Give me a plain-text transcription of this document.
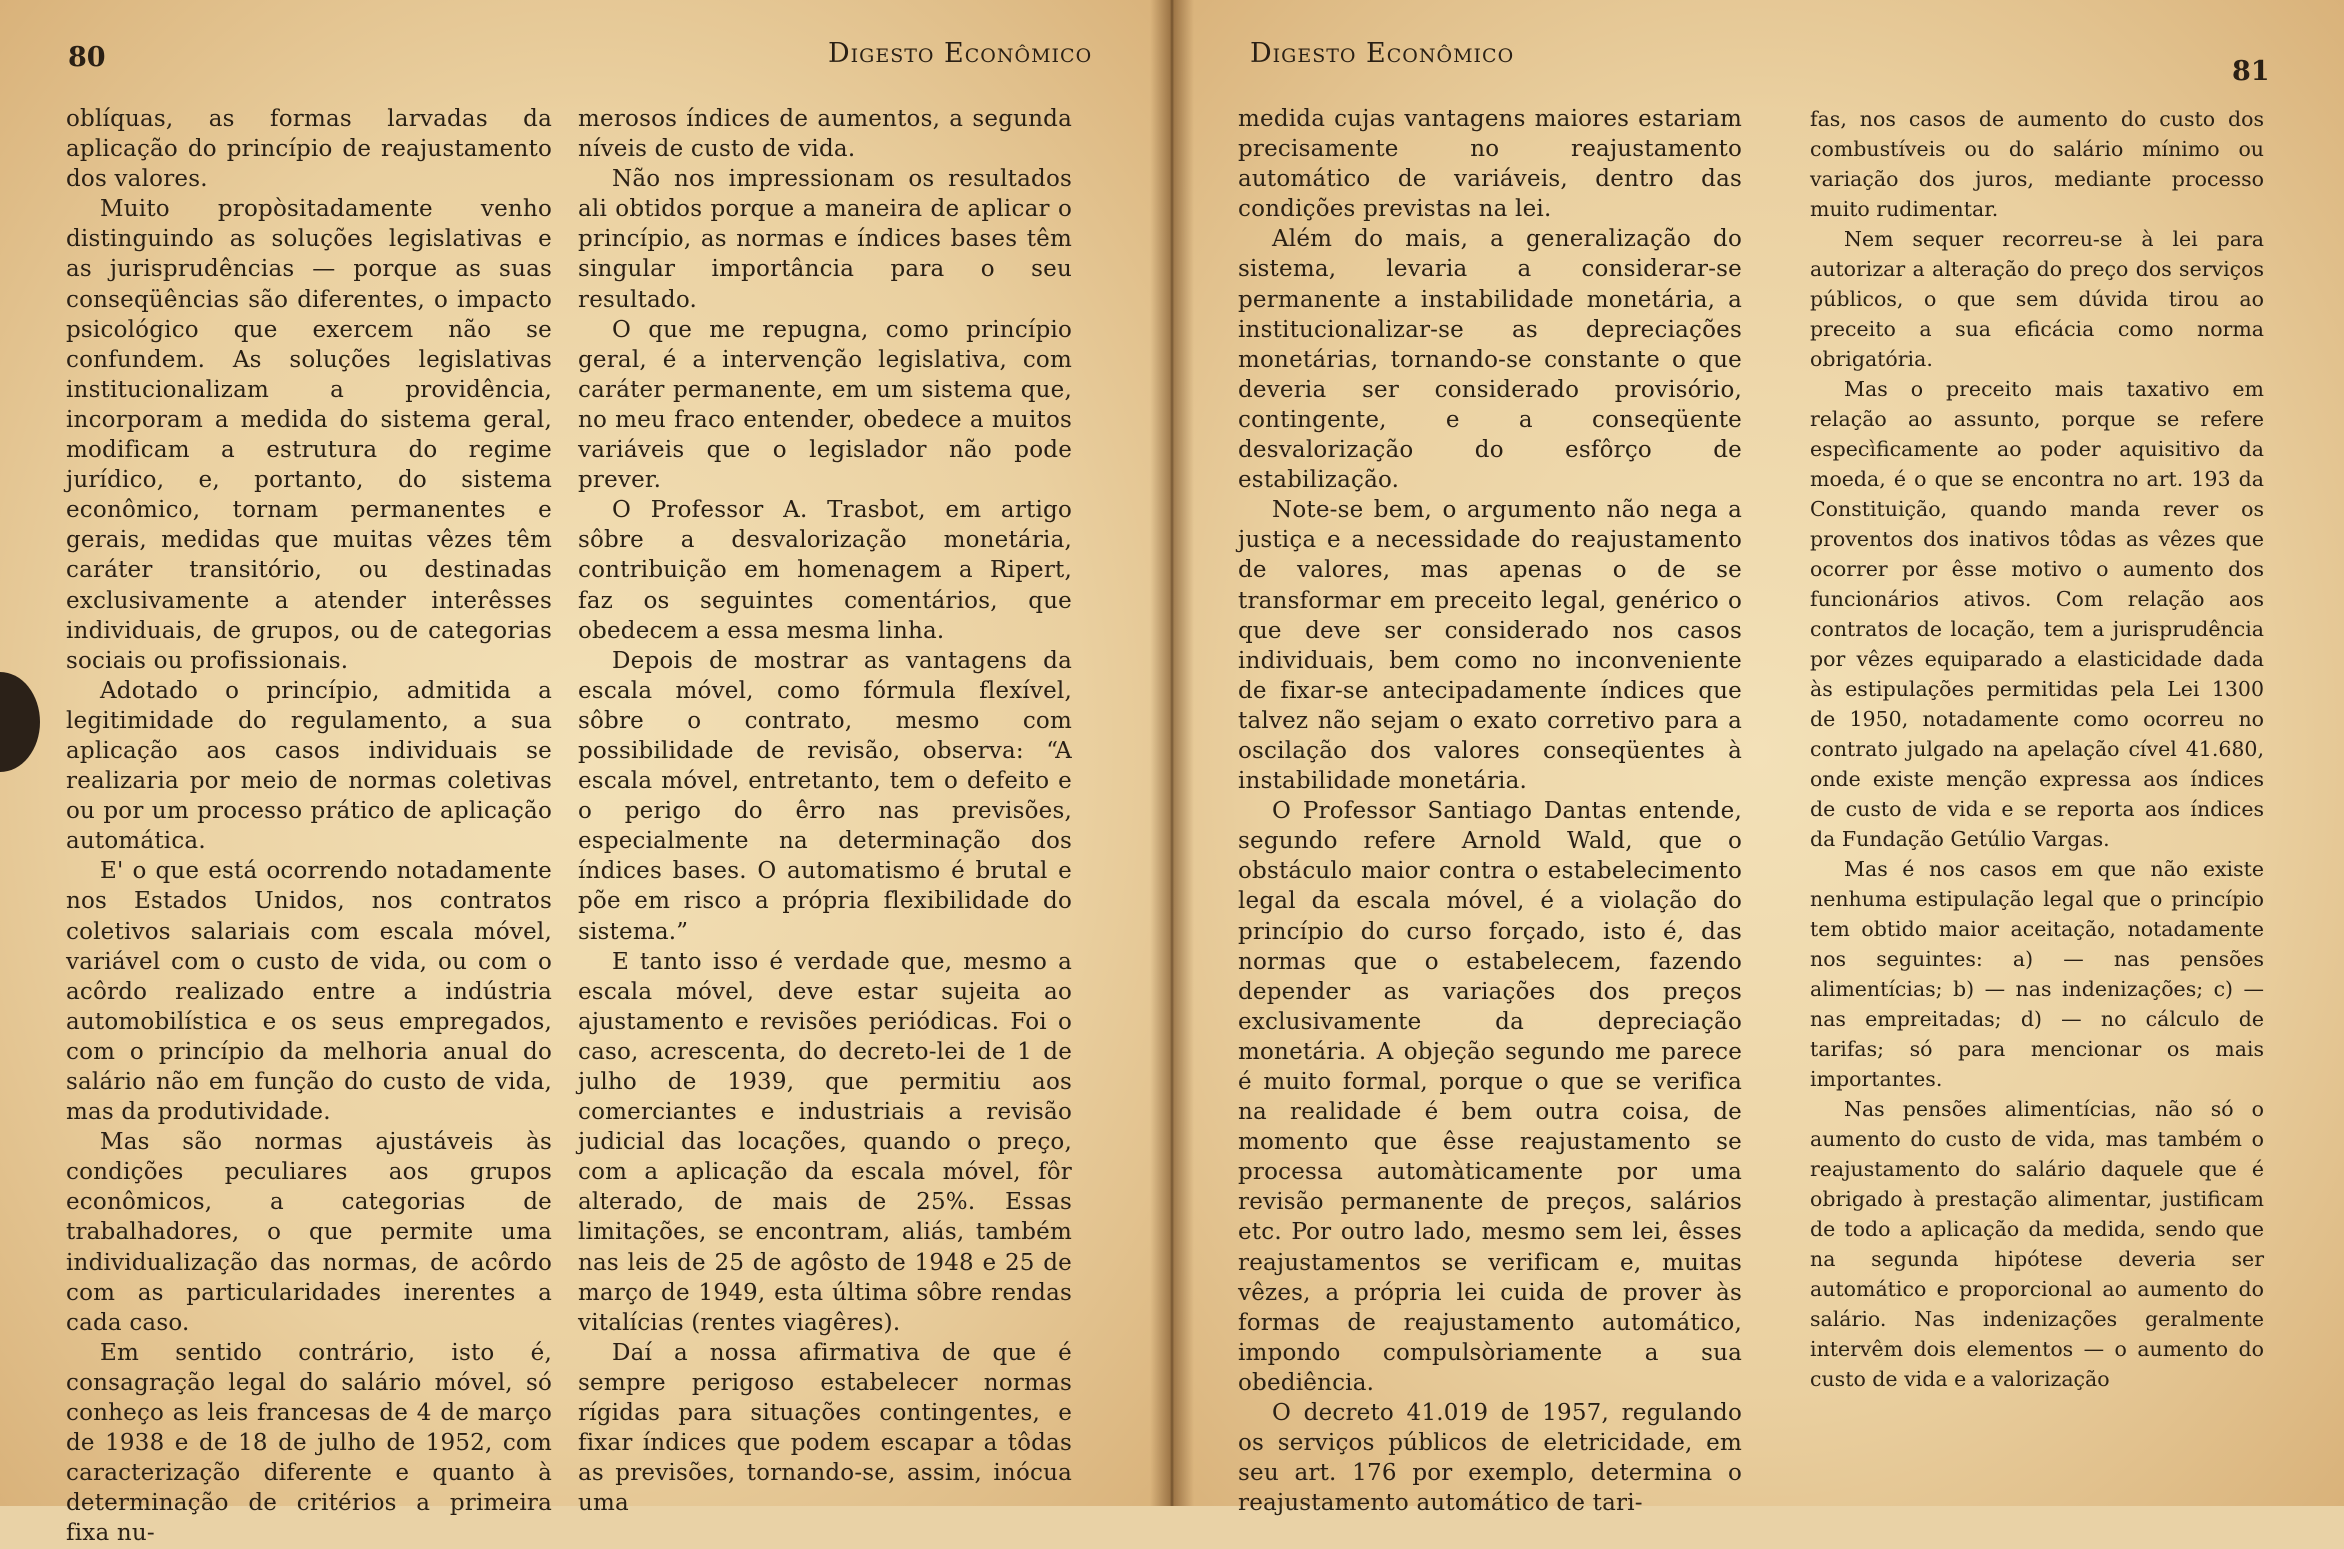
80	Digesto Econômico

oblíquas, as formas larvadas da aplicação do princípio de reajustamento dos valores.

Muito propòsitadamente venho distinguindo as soluções legislativas e as jurisprudências — porque as suas conseqüências são diferentes, o impacto psicológico que exercem não se confundem. As soluções legislativas institucionalizam a providência, incorporam a medida do sistema geral, modificam a estrutura do regime jurídico, e, portanto, do sistema econômico, tornam permanentes e gerais, medidas que muitas vêzes têm caráter transitório, ou destinadas exclusivamente a atender interêsses individuais, de grupos, ou de categorias sociais ou profissionais.

Adotado o princípio, admitida a legitimidade do regulamento, a sua aplicação aos casos individuais se realizaria por meio de normas coletivas ou por um processo prático de aplicação automática.

E' o que está ocorrendo notadamente nos Estados Unidos, nos contratos coletivos salariais com escala móvel, variável com o custo de vida, ou com o acôrdo realizado entre a indústria automobilística e os seus empregados, com o princípio da melhoria anual do salário não em função do custo de vida, mas da produtividade.

Mas são normas ajustáveis às condições peculiares aos grupos econômicos, a categorias de trabalhadores, o que permite uma individualização das normas, de acôrdo com as particularidades inerentes a cada caso.

Em sentido contrário, isto é, consagração legal do salário móvel, só conheço as leis francesas de 4 de março de 1938 e de 18 de julho de 1952, com caracterização diferente e quanto à determinação de critérios a primeira fixa nu-

merosos índices de aumentos, a segunda níveis de custo de vida.

Não nos impressionam os resultados ali obtidos porque a maneira de aplicar o princípio, as normas e índices bases têm singular importância para o seu resultado.

O que me repugna, como princípio geral, é a intervenção legislativa, com caráter permanente, em um sistema que, no meu fraco entender, obedece a muitos variáveis que o legislador não pode prever.

O Professor A. Trasbot, em artigo sôbre a desvalorização monetária, contribuição em homenagem a Ripert, faz os seguintes comentários, que obedecem a essa mesma linha.

Depois de mostrar as vantagens da escala móvel, como fórmula flexível, sôbre o contrato, mesmo com possibilidade de revisão, observa: “A escala móvel, entretanto, tem o defeito e o perigo do êrro nas previsões, especialmente na determinação dos índices bases. O automatismo é brutal e põe em risco a própria flexibilidade do sistema.”

E tanto isso é verdade que, mesmo a escala móvel, deve estar sujeita ao ajustamento e revisões periódicas. Foi o caso, acrescenta, do decreto-lei de 1 de julho de 1939, que permitiu aos comerciantes e industriais a revisão judicial das locações, quando o preço, com a aplicação da escala móvel, fôr alterado, de mais de 25%. Essas limitações, se encontram, aliás, também nas leis de 25 de agôsto de 1948 e 25 de março de 1949, esta última sôbre rendas vitalícias (rentes viagêres).

Daí a nossa afirmativa de que é sempre perigoso estabelecer normas rígidas para situações contingentes, e fixar índices que podem escapar a tôdas as previsões, tornando-se, assim, inócua uma

Digesto Econômico
81

medida cujas vantagens maiores estariam precisamente no reajustamento automático de variáveis, dentro das condições previstas na lei.

Além do mais, a generalização do sistema, levaria a considerar-se permanente a instabilidade monetária, a institucionalizar-se as depreciações monetárias, tornando-se constante o que deveria ser considerado provisório, contingente, e a conseqüente desvalorização do esfôrço de estabilização.

Note-se bem, o argumento não nega a justiça e a necessidade do reajustamento de valores, mas apenas o de se transformar em preceito legal, genérico o que deve ser considerado nos casos individuais, bem como no inconveniente de fixar-se antecipadamente índices que talvez não sejam o exato corretivo para a oscilação dos valores conseqüentes à instabilidade monetária.

O Professor Santiago Dantas entende, segundo refere Arnold Wald, que o obstáculo maior contra o estabelecimento legal da escala móvel, é a violação do princípio do curso forçado, isto é, das normas que o estabelecem, fazendo depender as variações dos preços exclusivamente da depreciação monetária. A objeção segundo me parece é muito formal, porque o que se verifica na realidade é bem outra coisa, de momento que êsse reajustamento se processa automàticamente por uma revisão permanente de preços, salários etc. Por outro lado, mesmo sem lei, êsses reajustamentos se verificam e, muitas vêzes, a própria lei cuida de prover às formas de reajustamento automático, impondo compulsòriamente a sua obediência.

O decreto 41.019 de 1957, regulando os serviços públicos de eletricidade, em seu art. 176 por exemplo, determina o reajustamento automático de tari-

fas, nos casos de aumento do custo dos combustíveis ou do salário mínimo ou variação dos juros, mediante processo muito rudimentar.

Nem sequer recorreu-se à lei para autorizar a alteração do preço dos serviços públicos, o que sem dúvida tirou ao preceito a sua eficácia como norma obrigatória.

Mas o preceito mais taxativo em relação ao assunto, porque se refere especìficamente ao poder aquisitivo da moeda, é o que se encontra no art. 193 da Constituição, quando manda rever os proventos dos inativos tôdas as vêzes que ocorrer por êsse motivo o aumento dos funcionários ativos. Com relação aos contratos de locação, tem a jurisprudência por vêzes equiparado a elasticidade dada às estipulações permitidas pela Lei 1300 de 1950, notadamente como ocorreu no contrato julgado na apelação cível 41.680, onde existe menção expressa aos índices de custo de vida e se reporta aos índices da Fundação Getúlio Vargas.

Mas é nos casos em que não existe nenhuma estipulação legal que o princípio tem obtido maior aceitação, notadamente nos seguintes: a) — nas pensões alimentícias; b) — nas indenizações; c) — nas empreitadas; d) — no cálculo de tarifas; só para mencionar os mais importantes.

Nas pensões alimentícias, não só o aumento do custo de vida, mas também o reajustamento do salário daquele que é obrigado à prestação alimentar, justificam de todo a aplicação da medida, sendo que na segunda hipótese deveria ser automático e proporcional ao aumento do salário. Nas indenizações geralmente intervêm dois elementos — o aumento do custo de vida e a valorização
